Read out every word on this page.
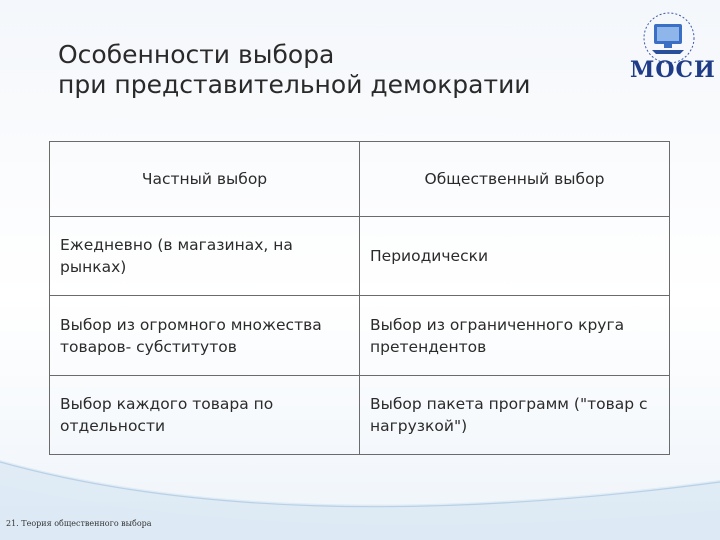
Особенности выбора
при представительной демократии	МОСИ
Частный выбор	Общественный выбор
Ежедневно (в магазинах, на рынках)	Периодически
Выбор из огромного множества товаров- субститутов	Выбор из ограниченного круга претендентов
Выбор каждого товара по отдельности	Выбор пакета программ ("товар с нагрузкой")
21. Теория общественного выбора
